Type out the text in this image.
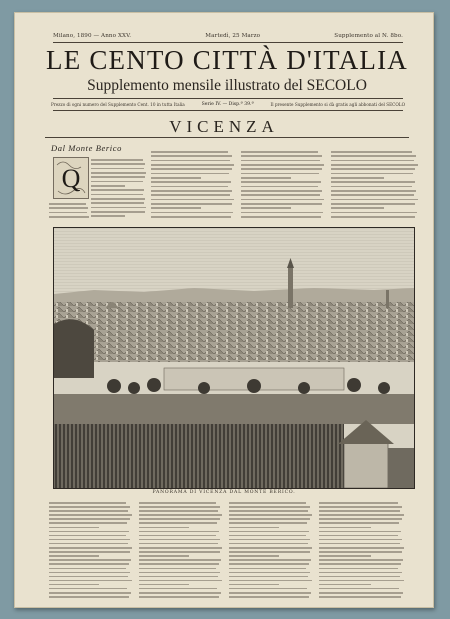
Milano, 1890 — Anno XXV.	Martedì, 25 Marzo	Supplemento al N. 8bo.
LE CENTO CITTÀ D'ITALIA
Supplemento mensile illustrato del SECOLO
Prezzo di ogni numero del Supplemento Cent. 10 in tutta Italia	Serie IV. — Disp.ª 39.ª	Il presente Supplemento si dà gratis agli abbonati del SECOLO
VICENZA
Dal Monte Berico
Q
PANORAMA DI VICENZA DAL MONTE BERICO.
